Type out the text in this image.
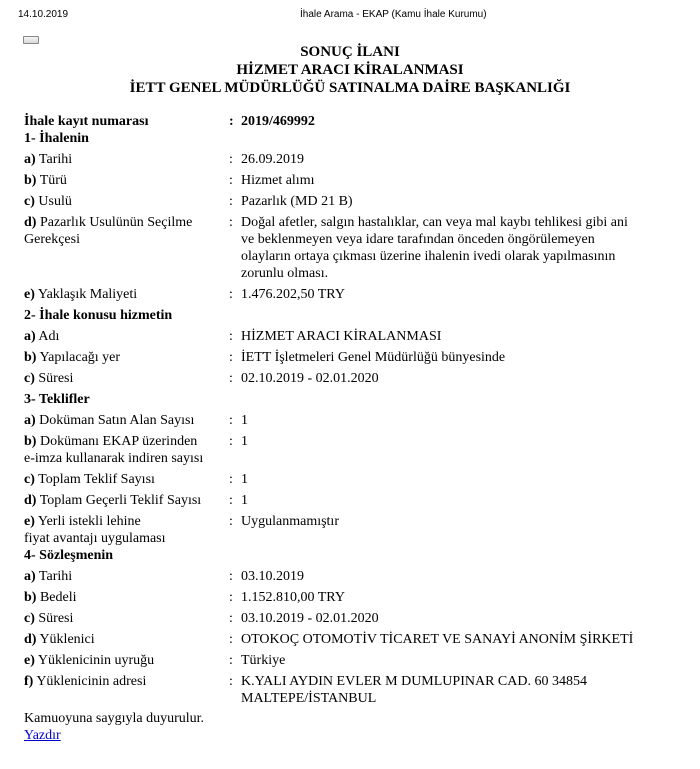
14.10.2019	İhale Arama - EKAP (Kamu İhale Kurumu)
SONUÇ İLANI
HİZMET ARACI KİRALANMASI
İETT GENEL MÜDÜRLÜĞÜ SATINALMA DAİRE BAŞKANLIĞI
İhale kayıt numarası	: 2019/469992
1- İhalenin
a) Tarihi	: 26.09.2019
b) Türü	: Hizmet alımı
c) Usulü	: Pazarlık (MD 21 B)
d) Pazarlık Usulünün Seçilme
Gerekçesi
: Doğal afetler, salgın hastalıklar, can veya mal kaybı tehlikesi gibi ani
ve beklenmeyen veya idare tarafından önceden öngörülemeyen
olayların ortaya çıkması üzerine ihalenin ivedi olarak yapılmasının
zorunlu olması.
e) Yaklaşık Maliyeti	: 1.476.202,50 TRY
2- İhale konusu hizmetin
a) Adı	: HİZMET ARACI KİRALANMASI
b) Yapılacağı yer	: İETT İşletmeleri Genel Müdürlüğü bünyesinde
c) Süresi	: 02.10.2019 - 02.01.2020
3- Teklifler
a) Doküman Satın Alan Sayısı	: 1
b) Dokümanı EKAP üzerinden
e-imza kullanarak indiren sayısı
: 1
c) Toplam Teklif Sayısı	: 1
d) Toplam Geçerli Teklif Sayısı	: 1
e) Yerli istekli lehine
fiyat avantajı uygulaması
: Uygulanmamıştır
4- Sözleşmenin
a) Tarihi	: 03.10.2019
b) Bedeli	: 1.152.810,00 TRY
c) Süresi	: 03.10.2019 - 02.01.2020
d) Yüklenici	: OTOKOÇ OTOMOTİV TİCARET VE SANAYİ ANONİM ŞİRKETİ
e) Yüklenicinin uyruğu	: Türkiye
f) Yüklenicinin adresi	: K.YALI AYDIN EVLER M DUMLUPINAR CAD. 60 34854
MALTEPE/İSTANBUL
Kamuoyuna saygıyla duyurulur.
Yazdır
